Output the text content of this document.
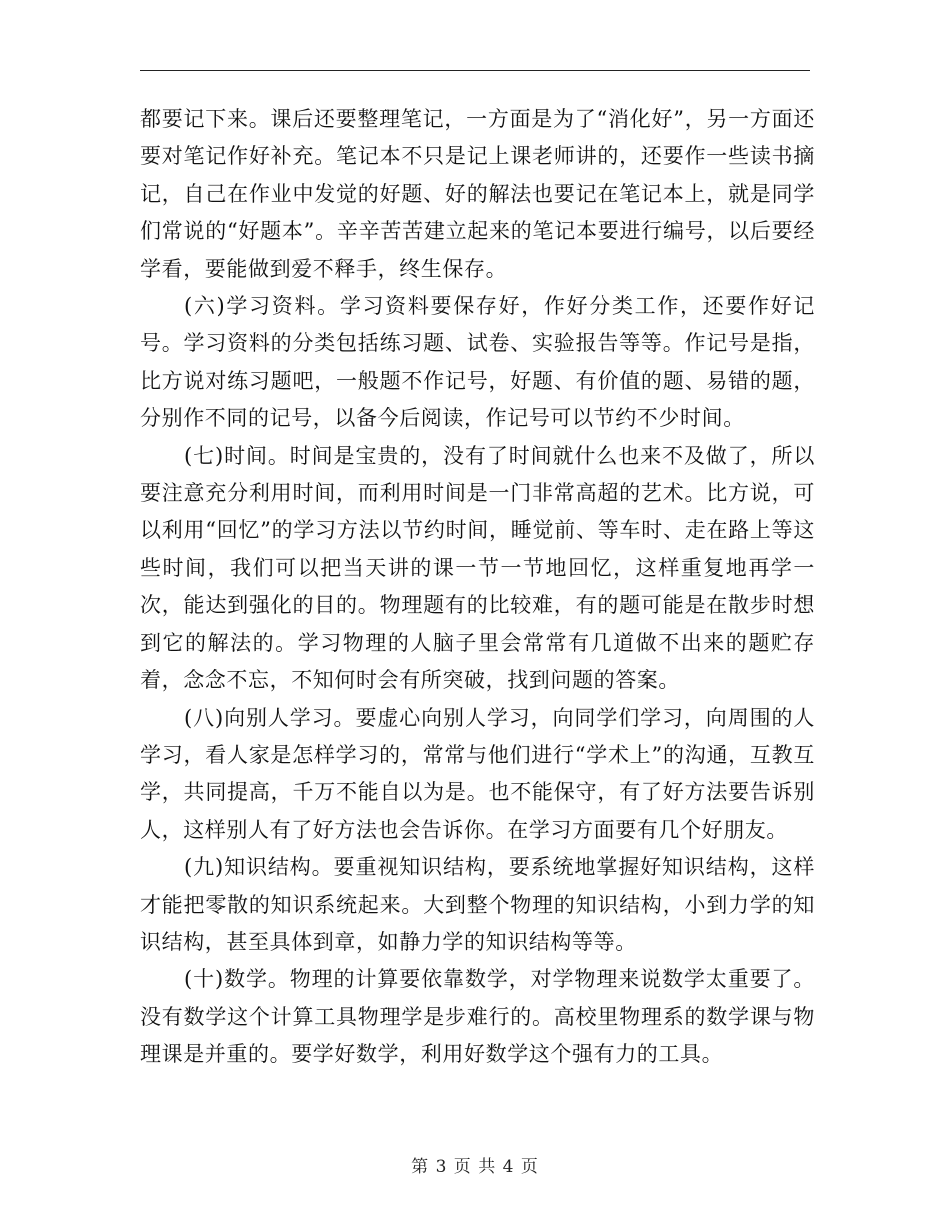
都要记下来。课后还要整理笔记，一方面是为了“消化好”，另一方面还要对笔记作好补充。笔记本不只是记上课老师讲的，还要作一些读书摘记，自己在作业中发觉的好题、好的解法也要记在笔记本上，就是同学们常说的“好题本”。辛辛苦苦建立起来的笔记本要进行编号，以后要经学看，要能做到爱不释手，终生保存。

(六)学习资料。学习资料要保存好，作好分类工作，还要作好记号。学习资料的分类包括练习题、试卷、实验报告等等。作记号是指，比方说对练习题吧，一般题不作记号，好题、有价值的题、易错的题，分别作不同的记号，以备今后阅读，作记号可以节约不少时间。

(七)时间。时间是宝贵的，没有了时间就什么也来不及做了，所以要注意充分利用时间，而利用时间是一门非常高超的艺术。比方说，可以利用“回忆”的学习方法以节约时间，睡觉前、等车时、走在路上等这些时间，我们可以把当天讲的课一节一节地回忆，这样重复地再学一次，能达到强化的目的。物理题有的比较难，有的题可能是在散步时想到它的解法的。学习物理的人脑子里会常常有几道做不出来的题贮存着，念念不忘，不知何时会有所突破，找到问题的答案。

(八)向别人学习。要虚心向别人学习，向同学们学习，向周围的人学习，看人家是怎样学习的，常常与他们进行“学术上”的沟通，互教互学，共同提高，千万不能自以为是。也不能保守，有了好方法要告诉别人，这样别人有了好方法也会告诉你。在学习方面要有几个好朋友。

(九)知识结构。要重视知识结构，要系统地掌握好知识结构，这样才能把零散的知识系统起来。大到整个物理的知识结构，小到力学的知识结构，甚至具体到章，如静力学的知识结构等等。

(十)数学。物理的计算要依靠数学，对学物理来说数学太重要了。没有数学这个计算工具物理学是步难行的。高校里物理系的数学课与物理课是并重的。要学好数学，利用好数学这个强有力的工具。

第 3 页 共 4 页
